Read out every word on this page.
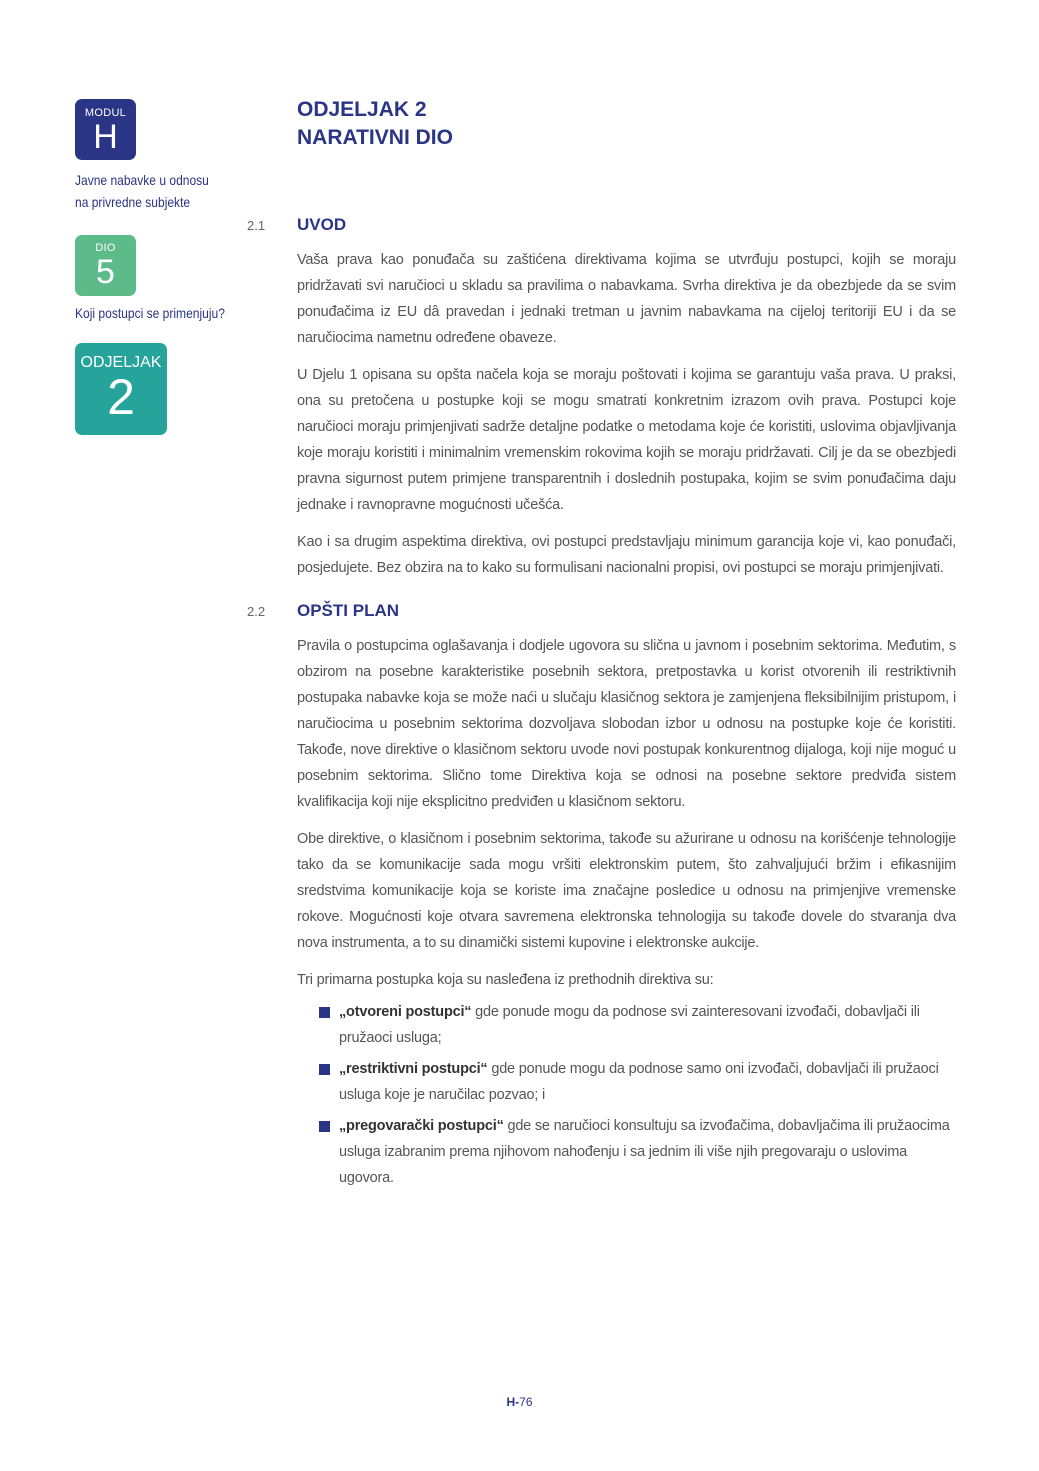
MODUL
H
Javne nabavke u odnosu
na privredne subjekte
DIO
5
Koji postupci se primenjuju?
ODJELJAK
2
ODJELJAK 2
NARATIVNI DIO
2.1 UVOD

Vaša prava kao ponuđača su zaštićena direktivama kojima se utvrđuju postupci, kojih se moraju pridržavati svi naručioci u skladu sa pravilima o nabavkama. Svrha direktiva je da obezbjede da se svim ponuđačima iz EU dâ pravedan i jednaki tretman u javnim nabavkama na cijeloj teritoriji EU i da se naručiocima nametnu određene obaveze.

U Djelu 1 opisana su opšta načela koja se moraju poštovati i kojima se garantuju vaša prava. U praksi, ona su pretočena u postupke koji se mogu smatrati konkretnim izrazom ovih prava. Postupci koje naručioci moraju primjenjivati sadrže detaljne podatke o metodama koje će koristiti, uslovima objavljivanja koje moraju koristiti i minimalnim vremenskim rokovima kojih se moraju pridržavati. Cilj je da se obezbjedi pravna sigurnost putem primjene transparentnih i doslednih postupaka, kojim se svim ponuđačima daju jednake i ravnopravne mogućnosti učešća.

Kao i sa drugim aspektima direktiva, ovi postupci predstavljaju minimum garancija koje vi, kao ponuđači, posjedujete. Bez obzira na to kako su formulisani nacionalni propisi, ovi postupci se moraju primjenjivati.

2.2 OPŠTI PLAN

Pravila o postupcima oglašavanja i dodjele ugovora su slična u javnom i posebnim sektorima. Međutim, s obzirom na posebne karakteristike posebnih sektora, pretpostavka u korist otvorenih ili restriktivnih postupaka nabavke koja se može naći u slučaju klasičnog sektora je zamjenjena fleksibilnijim pristupom, i naručiocima u posebnim sektorima dozvoljava slobodan izbor u odnosu na postupke koje će koristiti. Takođe, nove direktive o klasičnom sektoru uvode novi postupak konkurentnog dijaloga, koji nije moguć u posebnim sektorima. Slično tome Direktiva koja se odnosi na posebne sektore predviđa sistem kvalifikacija koji nije eksplicitno predviđen u klasičnom sektoru.

Obe direktive, o klasičnom i posebnim sektorima, takođe su ažurirane u odnosu na korišćenje tehnologije tako da se komunikacije sada mogu vršiti elektronskim putem, što zahvaljujući bržim i efikasnijim sredstvima komunikacije koja se koriste ima značajne posledice u odnosu na primjenjive vremenske rokove. Mogućnosti koje otvara savremena elektronska tehnologija su takođe dovele do stvaranja dva nova instrumenta, a to su dinamički sistemi kupovine i elektronske aukcije.

Tri primarna postupka koja su nasleđena iz prethodnih direktiva su:

„otvoreni postupci“ gde ponude mogu da podnose svi zainteresovani izvođači, dobavljači ili pružaoci usluga;
„restriktivni postupci“ gde ponude mogu da podnose samo oni izvođači, dobavljači ili pružaoci usluga koje je naručilac pozvao; i
„pregovarački postupci“ gde se naručioci konsultuju sa izvođačima, dobavljačima ili pružaocima usluga izabranim prema njihovom nahođenju i sa jednim ili više njih pregovaraju o uslovima ugovora.
H-76
